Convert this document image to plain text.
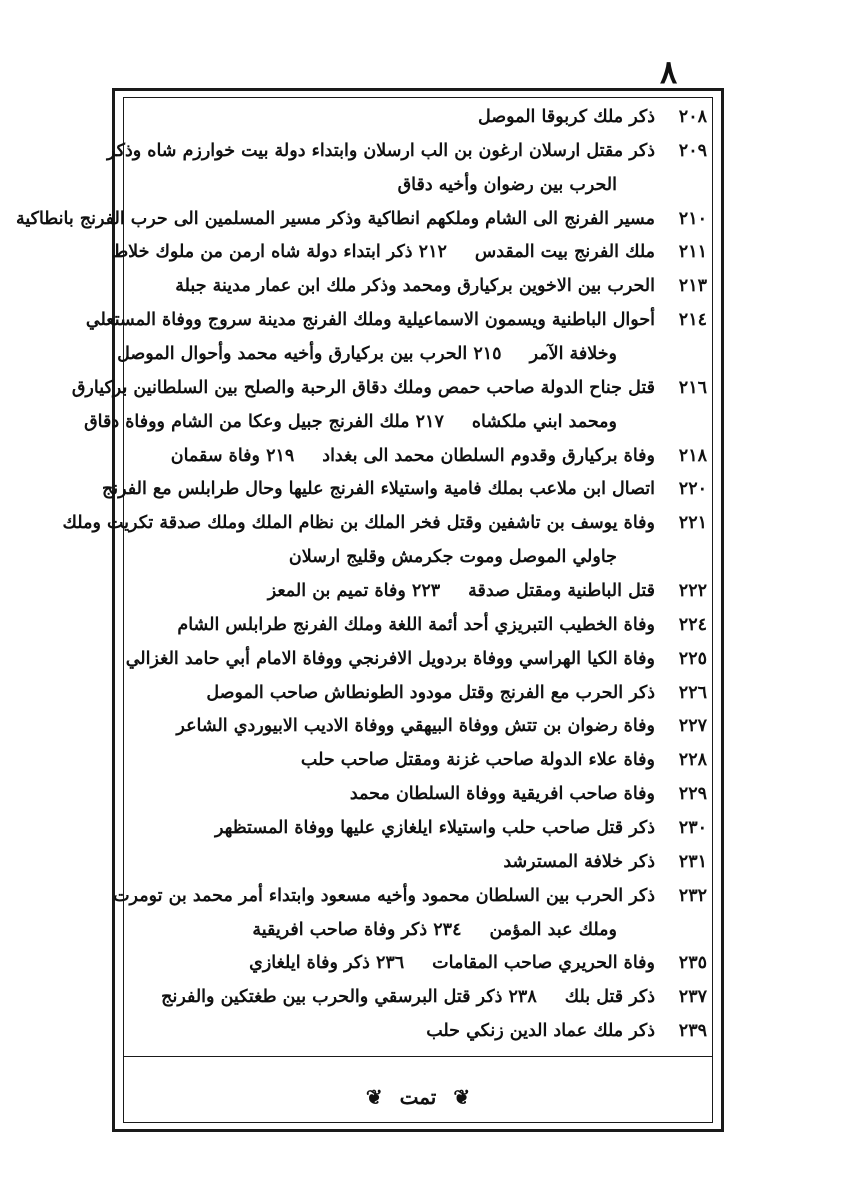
٨
٢٠٨
ذكر ملك كربوقا الموصل
٢٠٩
ذكر مقتل ارسلان ارغون بن الب ارسلان وابتداء دولة بيت خوارزم شاه وذكر
الحرب بين رضوان وأخيه دقاق
٢١٠
مسير الفرنج الى الشام وملكهم انطاكية وذكر مسير المسلمين الى حرب الفرنج بانطاكية
٢١١
ملك الفرنج بيت المقدس٢١٢ ذكر ابتداء دولة شاه ارمن من ملوك خلاط
٢١٣
الحرب بين الاخوين بركيارق ومحمد وذكر ملك ابن عمار مدينة جبلة
٢١٤
أحوال الباطنية ويسمون الاسماعيلية وملك الفرنج مدينة سروج ووفاة المستعلي
وخلافة الآمر٢١٥ الحرب بين بركيارق وأخيه محمد وأحوال الموصل
٢١٦
قتل جناح الدولة صاحب حمص وملك دقاق الرحبة والصلح بين السلطانين بركيارق
ومحمد ابني ملكشاه٢١٧ ملك الفرنج جبيل وعكا من الشام ووفاة دقاق
٢١٨
وفاة بركيارق وقدوم السلطان محمد الى بغداد٢١٩ وفاة سقمان
٢٢٠
اتصال ابن ملاعب بملك فامية واستيلاء الفرنج عليها وحال طرابلس مع الفرنج
٢٢١
وفاة يوسف بن تاشفين وقتل فخر الملك بن نظام الملك وملك صدقة تكريت وملك
جاولي الموصل وموت جكرمش وقليج ارسلان
٢٢٢
قتل الباطنية ومقتل صدقة٢٢٣ وفاة تميم بن المعز
٢٢٤
وفاة الخطيب التبريزي أحد أئمة اللغة وملك الفرنج طرابلس الشام
٢٢٥
وفاة الكيا الهراسي ووفاة بردويل الافرنجي ووفاة الامام أبي حامد الغزالي
٢٢٦
ذكر الحرب مع الفرنج وقتل مودود الطونطاش صاحب الموصل
٢٢٧
وفاة رضوان بن تتش ووفاة البيهقي ووفاة الاديب الابيوردي الشاعر
٢٢٨
وفاة علاء الدولة صاحب غزنة ومقتل صاحب حلب
٢٢٩
وفاة صاحب افريقية ووفاة السلطان محمد
٢٣٠
ذكر قتل صاحب حلب واستيلاء ايلغازي عليها ووفاة المستظهر
٢٣١
ذكر خلافة المسترشد
٢٣٢
ذكر الحرب بين السلطان محمود وأخيه مسعود وابتداء أمر محمد بن تومرت
وملك عبد المؤمن٢٣٤ ذكر وفاة صاحب افريقية
٢٣٥
وفاة الحريري صاحب المقامات٢٣٦ ذكر وفاة ايلغازي
٢٣٧
ذكر قتل بلك٢٣٨ ذكر قتل البرسقي والحرب بين طغتكين والفرنج
٢٣٩
ذكر ملك عماد الدين زنكي حلب
❦ تمت ❦
